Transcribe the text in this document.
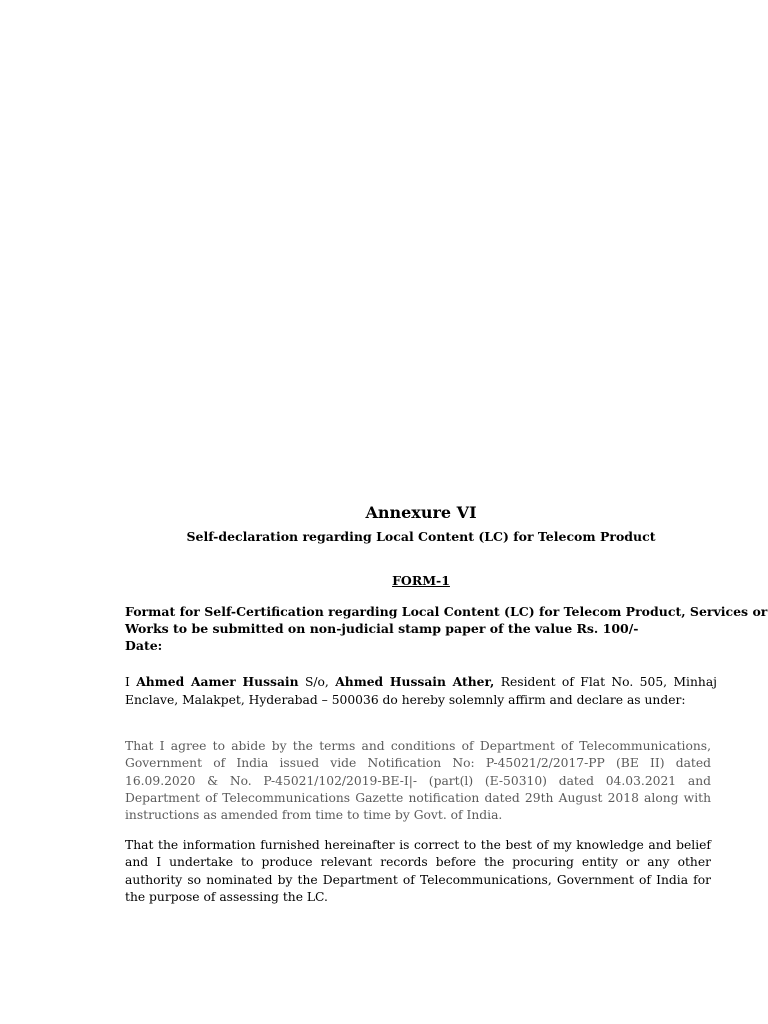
Annexure VI
Self-declaration regarding Local Content (LC) for Telecom Product
FORM-1
Format for Self-Certification regarding Local Content (LC) for Telecom Product, Services or
Works to be submitted on non-judicial stamp paper of the value Rs. 100/-
Date:
I Ahmed Aamer Hussain S/o, Ahmed Hussain Ather, Resident of Flat No. 505, Minhaj Enclave, Malakpet, Hyderabad – 500036 do hereby solemnly affirm and declare as under:
That I agree to abide by the terms and conditions of Department of Telecommunications, Government of India issued vide Notification No: P-45021/2/2017-PP (BE II) dated 16.09.2020 & No. P-45021/102/2019-BE-I|- (part(l) (E-50310) dated 04.03.2021 and Department of Telecommunications Gazette notification dated 29th August 2018 along with instructions as amended from time to time by Govt. of India.
That the information furnished hereinafter is correct to the best of my knowledge and belief and I undertake to produce relevant records before the procuring entity or any other authority so nominated by the Department of Telecommunications, Government of India for the purpose of assessing the LC.
